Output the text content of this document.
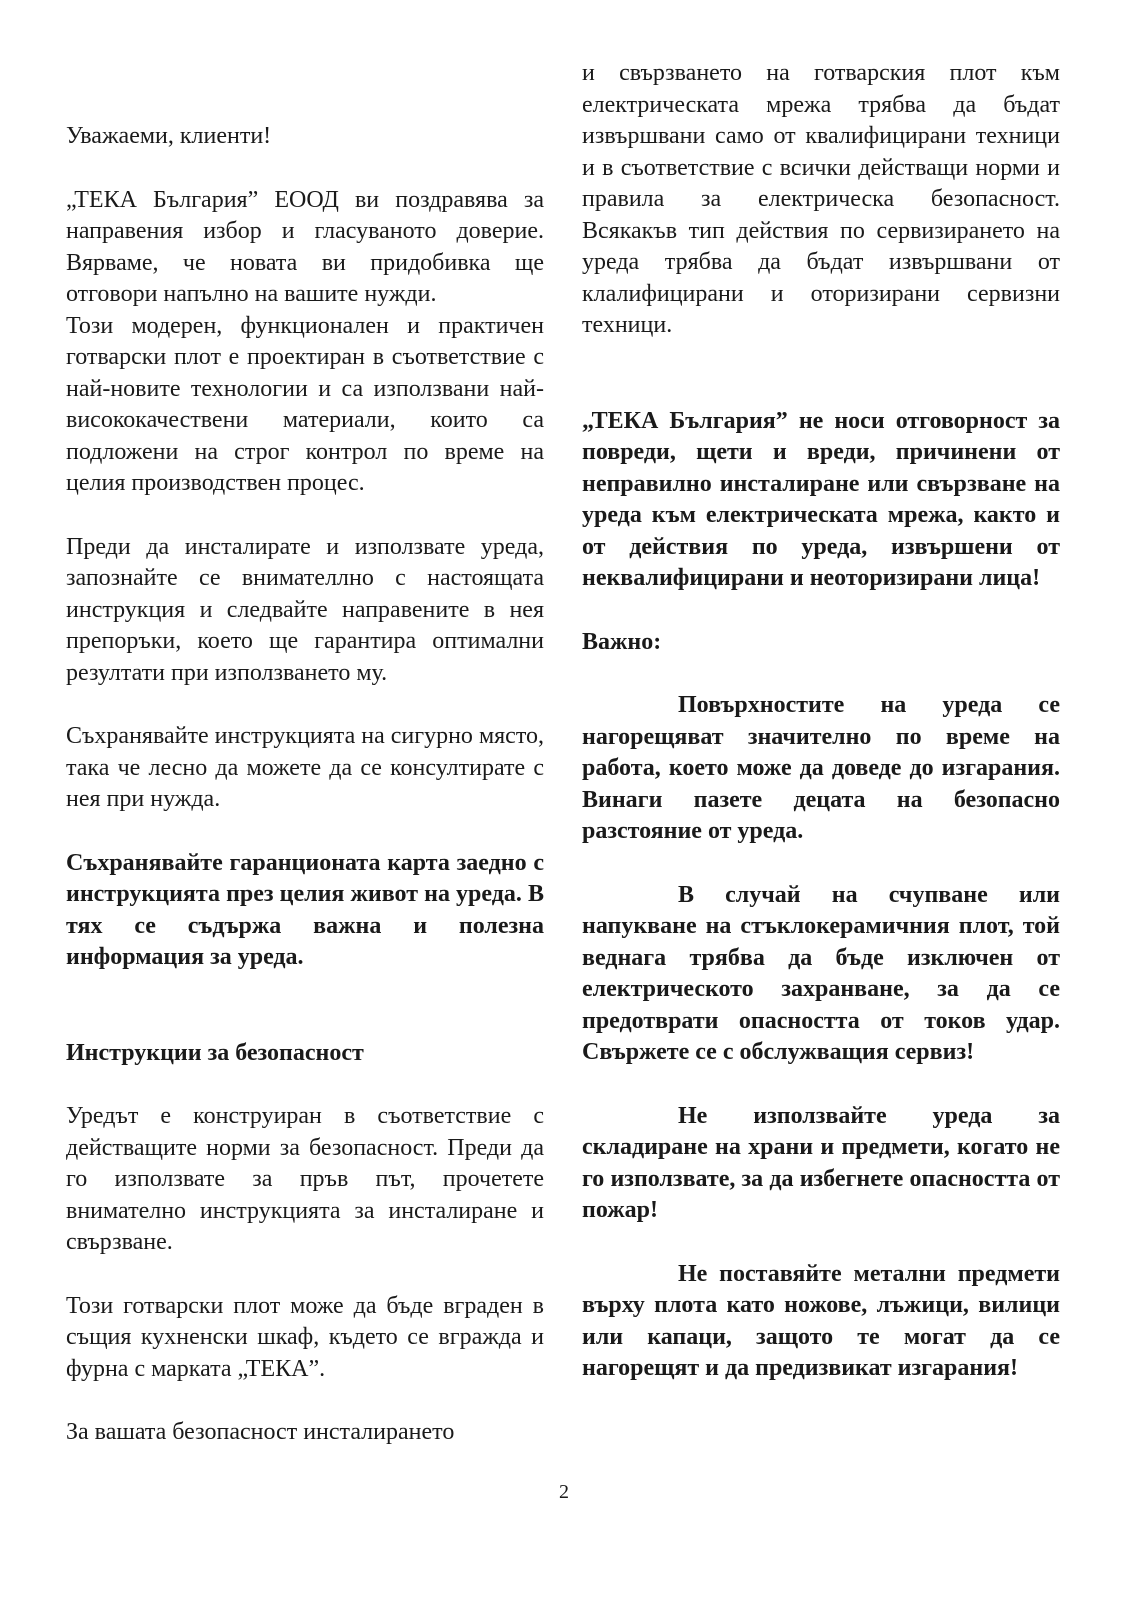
Уважаеми, клиенти!

„ТЕКА България” ЕООД ви поздравява за направения избор и гласуваното доверие. Вярваме, че новата ви придобивка ще отговори напълно на вашите нужди.

Този модерен, функционален и практичен готварски плот е проектиран в съответствие с най-новите технологии и са използвани най-висококачествени материали, които са подложени на строг контрол по време на целия производствен процес.

Преди да инсталирате и използвате уреда, запознайте се внимателлно с настоящата инструкция и следвайте направените в нея препоръки, което ще гарантира оптимални резултати при използването му.

Съхранявайте инструкцията на сигурно място, така че лесно да можете да се консултирате с нея при нужда.

Съхранявайте гаранционата карта заедно с инструкцията през целия живот на уреда. В тях се съдържа важна и полезна информация за уреда.

Инструкции за безопасност

Уредът е конструиран в съответствие с действащите норми за безопасност. Преди да го използвате за пръв път, прочетете внимателно инструкцията за инсталиране и свързване.

Този готварски плот може да бъде вграден в същия кухненски шкаф, където се вгражда и фурна с марката „ТЕКА”.

За вашата безопасност инсталирането

и свързването на готварския плот към електрическата мрежа трябва да бъдат извършвани само от квалифицирани техници и в съответствие с всички действащи норми и правила за електрическа безопасност. Всякакъв тип действия по сервизирането на уреда трябва да бъдат извършвани от клалифицирани и оторизирани сервизни техници.

„ТЕКА България” не носи отговорност за повреди, щети и вреди, причинени от неправилно инсталиране или свързване на уреда към електрическата мрежа, както и от действия по уреда, извършени от неквалифицирани и неоторизирани лица!

Важно:

Повърхностите на уреда се нагорещяват значително по време на работа, което може да доведе до изгарания. Винаги пазете децата на безопасно разстояние от уреда.

В случай на счупване или напукване на стъклокерамичния плот, той веднага трябва да бъде изключен от електрическото захранване, за да се предотврати опасността от токов удар. Свържете се с обслужващия сервиз!

Не използвайте уреда за складиране на храни и предмети, когато не го използвате, за да избегнете опасността от пожар!

Не поставяйте метални предмети върху плота като ножове, лъжици, вилици или капаци, защото те могат да се нагорещят и да предизвикат изгарания!

2
